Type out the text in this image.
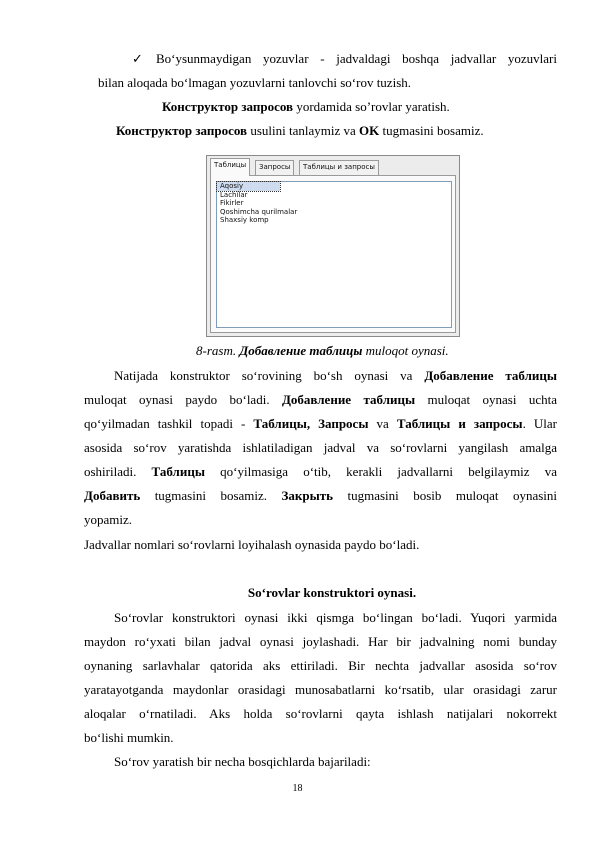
✓ Bo‘ysunmaydigan yozuvlar - jadvaldagi boshqa jadvallar yozuvlari
bilan aloqada bo‘lmagan yozuvlarni tanlovchi so‘rov tuzish.
Конструктор запросов yordamida so’rovlar yaratish.
Конструктор запросов usulini tanlaymiz va OK tugmasini bosamiz.
Таблицы	Запросы	Таблицы и запросы
Aqosiy
Lachilar
Fikirler
Qoshimcha qurilmalar
Shaxsiy komp
8-rasm. Добавление таблицы muloqot oynasi.
Natijada konstruktor so‘rovining bo‘sh oynasi va Добавление таблицы
muloqat oynasi paydo bo‘ladi. Добавление таблицы muloqat oynasi uchta
qo‘yilmadan tashkil topadi - Таблицы, Запросы va Таблицы и запросы. Ular
asosida so‘rov yaratishda ishlatiladigan jadval va so‘rovlarni yangilash amalga
oshiriladi. Таблицы qo‘yilmasiga o‘tib, kerakli jadvallarni belgilaymiz va
Добавить tugmasini bosamiz. Закрыть tugmasini bosib muloqat oynasini
yopamiz.
Jadvallar nomlari so‘rovlarni loyihalash oynasida paydo bo‘ladi.
So‘rovlar konstruktori oynasi.
So‘rovlar konstruktori oynasi ikki qismga bo‘lingan bo‘ladi. Yuqori yarmida
maydon ro‘yxati bilan jadval oynasi joylashadi. Har bir jadvalning nomi bunday
oynaning sarlavhalar qatorida aks ettiriladi. Bir nechta jadvallar asosida so‘rov
yaratayotganda maydonlar orasidagi munosabatlarni ko‘rsatib, ular orasidagi zarur
aloqalar o‘rnatiladi. Aks holda so‘rovlarni qayta ishlash natijalari nokorrekt
bo‘lishi mumkin.
So‘rov yaratish bir necha bosqichlarda bajariladi:
18
